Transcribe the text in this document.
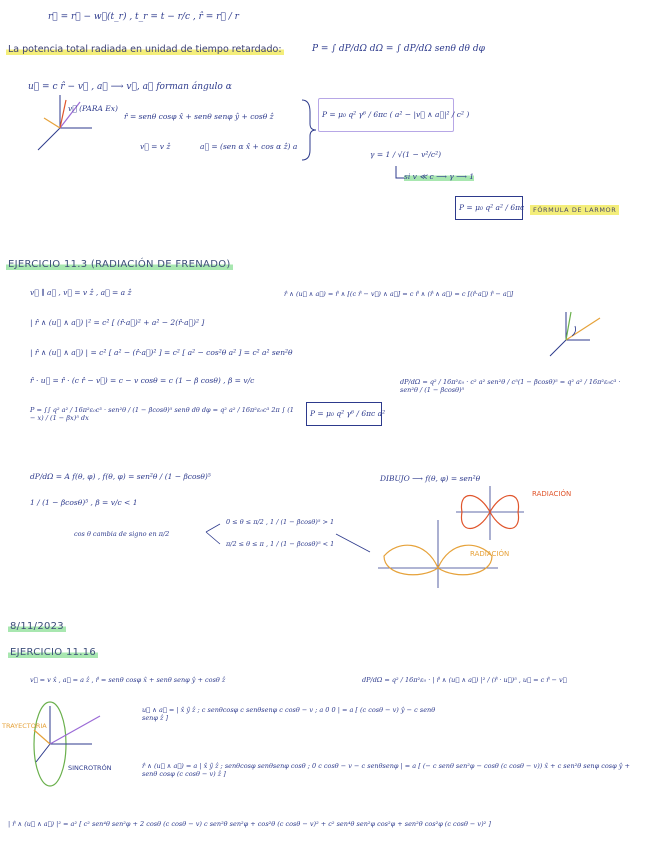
r⃗ = r⃗ − w⃗(t_r) , t_r = t − r/c , r̂ = r⃗ / r
La potencia total radiada en unidad de tiempo retardado:	P = ∫ dP/dΩ dΩ = ∫ dP/dΩ senθ dθ dφ
u⃗ = c r̂ − v⃗ , a⃗ ⟶ v⃗, a⃗ forman ángulo α
v⃗ (PARA Ex)
r̂ = senθ cosφ x̂ + senθ senφ ŷ + cosθ ẑ
v⃗ = v ẑ	a⃗ = (sen α x̂ + cos α ẑ) a
P = μ₀ q² γ⁶ / 6πc ( a² − |v⃗ ∧ a⃗|² / c² )
γ = 1 / √(1 − v²/c²)
si v ≪ c ⟶ γ ⟶ 1
P = μ₀ q² a² / 6πc	FÓRMULA DE LARMOR
EJERCICIO 11.3 (RADIACIÓN DE FRENADO)
v⃗ ∥ a⃗ , v⃗ = v ẑ , a⃗ = a ẑ	r̂ ∧ (u⃗ ∧ a⃗) = r̂ ∧ [(c r̂ − v⃗) ∧ a⃗] = c r̂ ∧ (r̂ ∧ a⃗) = c [(r̂·a⃗) r̂ − a⃗]
| r̂ ∧ (u⃗ ∧ a⃗) |² = c² [ (r̂·a⃗)² + a² − 2(r̂·a⃗)² ]
| r̂ ∧ (u⃗ ∧ a⃗) | = c² [ a² − (r̂·a⃗)² ] = c² [ a² − cos²θ a² ] = c² a² sen²θ
r̂ · u⃗ = r̂ · (c r̂ − v⃗) = c − v cosθ = c (1 − β cosθ) , β = v/c	dP/dΩ = q² / 16π²ε₀ · c² a² sen²θ / c⁵(1 − βcosθ)⁵ = q² a² / 16π²ε₀c³ · sen²θ / (1 − βcosθ)⁵
P = ∫∫ q² a² / 16π²ε₀c³ · sen²θ / (1 − βcosθ)⁵ senθ dθ dφ = q² a² / 16π²ε₀c³ 2π ∫ (1 − x) / (1 − βx)⁵ dx	P = μ₀ q² γ⁶ / 6πc a²
dP/dΩ = A f(θ, φ) , f(θ, φ) = sen²θ / (1 − βcosθ)⁵
1 / (1 − βcosθ)⁵ , β = v/c < 1
cos θ cambia de signo en π/2
0 ≤ θ ≤ π/2 , 1 / (1 − βcosθ)⁵ > 1
π/2 ≤ θ ≤ π , 1 / (1 − βcosθ)⁵ < 1
DIBUJO ⟶ f(θ, φ) = sen²θ
RADIACIÓN
RADIACIÓN
8/11/2023
EJERCICIO 11.16
v⃗ = v x̂ , a⃗ = a ẑ , r̂ = senθ cosφ x̂ + senθ senφ ŷ + cosθ ẑ	dP/dΩ = q² / 16π²ε₀ · | r̂ ∧ (u⃗ ∧ a⃗) |² / (r̂ · u⃗)⁵ , u⃗ = c r̂ − v⃗
TRAYECTORIA
SINCROTRÓN
u⃗ ∧ a⃗ = | x̂ ŷ ẑ ; c senθcosφ c senθsenφ c cosθ − v ; a 0 0 | = a [ (c cosθ − v) ŷ − c senθ senφ ẑ ]
r̂ ∧ (u⃗ ∧ a⃗) = a | x̂ ŷ ẑ ; senθcosφ senθsenφ cosθ ; 0 c cosθ − v − c senθsenφ | = a [ (− c senθ sen²φ − cosθ (c cosθ − v)) x̂ + c sen²θ senφ cosφ ŷ + senθ cosφ (c cosθ − v) ẑ ]
| r̂ ∧ (u⃗ ∧ a⃗) |² = a² [ c² sen⁴θ sen²φ + 2 cosθ (c cosθ − v) c sen²θ sen²φ + cos²θ (c cosθ − v)² + c² sen⁴θ sen²φ cos²φ + sen²θ cos²φ (c cosθ − v)² ]
